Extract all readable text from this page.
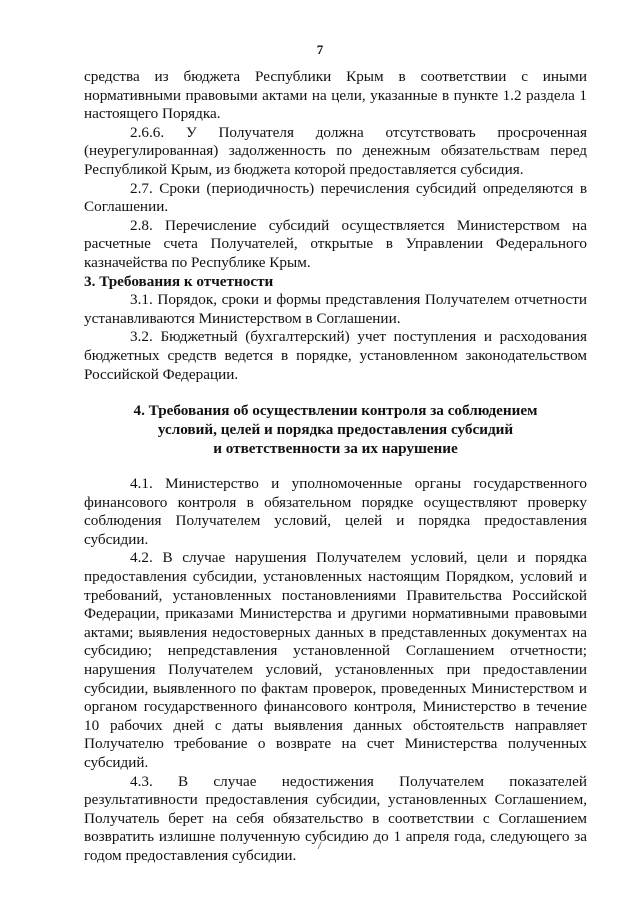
7

средства из бюджета Республики Крым в соответствии с иными нормативными правовыми актами на цели, указанные в пункте 1.2 раздела 1 настоящего Порядка.

2.6.6. У Получателя должна отсутствовать просроченная (неурегулированная) задолженность по денежным обязательствам перед Республикой Крым, из бюджета которой предоставляется субсидия.

2.7. Сроки (периодичность) перечисления субсидий определяются в Соглашении.

2.8. Перечисление субсидий осуществляется Министерством на расчетные счета Получателей, открытые в Управлении Федерального казначейства по Республике Крым.

3. Требования к отчетности

3.1. Порядок, сроки и формы представления Получателем отчетности устанавливаются Министерством в Соглашении.

3.2. Бюджетный (бухгалтерский) учет поступления и расходования бюджетных средств ведется в порядке, установленном законодательством Российской Федерации.

4. Требования об осуществлении контроля за соблюдением
условий, целей и порядка предоставления субсидий
и ответственности за их нарушение

4.1. Министерство и уполномоченные органы государственного финансового контроля в обязательном порядке осуществляют проверку соблюдения Получателем условий, целей и порядка предоставления субсидии.

4.2. В случае нарушения Получателем условий, цели и порядка предоставления субсидии, установленных настоящим Порядком, условий и требований, установленных постановлениями Правительства Российской Федерации, приказами Министерства и другими нормативными правовыми актами; выявления недостоверных данных в представленных документах на субсидию; непредставления установленной Соглашением отчетности; нарушения Получателем условий, установленных при предоставлении субсидии, выявленного по фактам проверок, проведенных Министерством и органом государственного финансового контроля, Министерство в течение 10 рабочих дней с даты выявления данных обстоятельств направляет Получателю требование о возврате на счет Министерства полученных субсидий.

4.3. В случае недостижения Получателем показателей результативности предоставления субсидии, установленных Соглашением, Получатель берет на себя обязательство в соответствии с Соглашением возвратить излишне полученную субсидию до 1 апреля года, следующего за годом предоставления субсидии.
